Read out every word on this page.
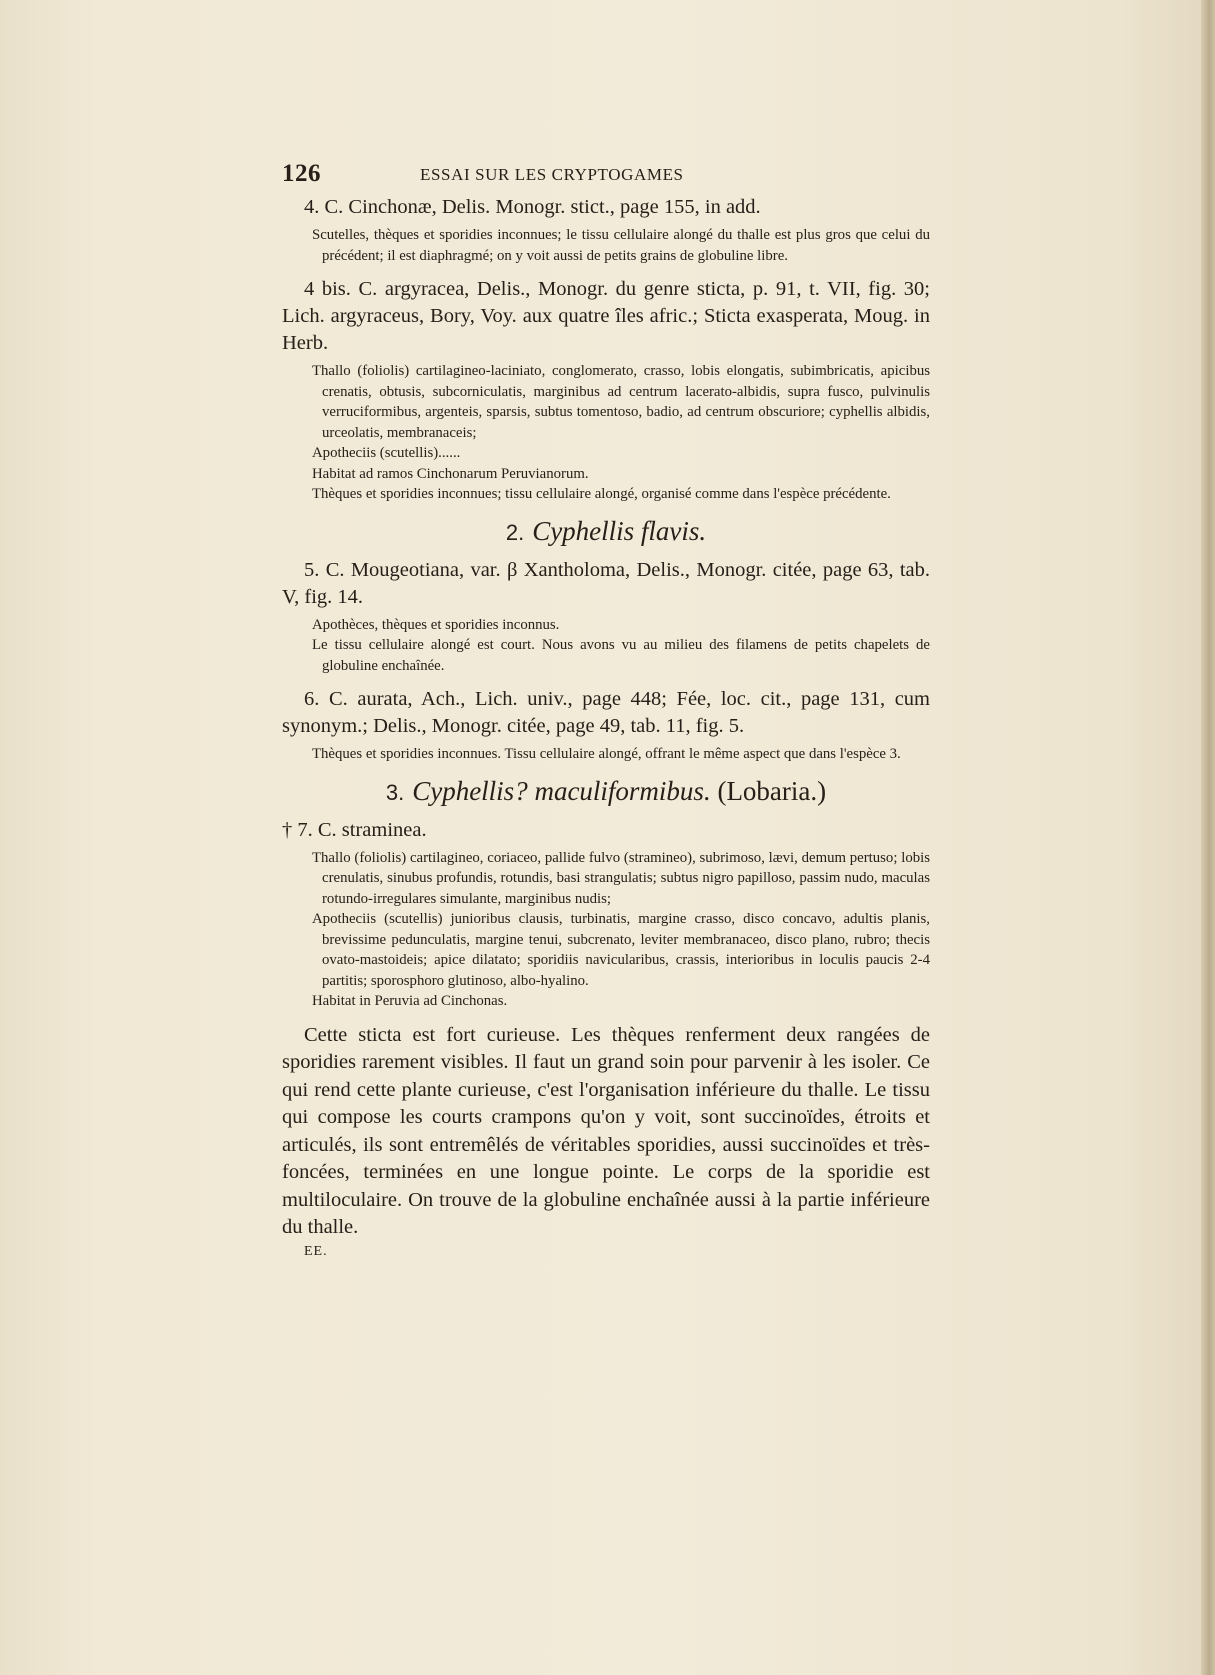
126	ESSAI SUR LES CRYPTOGAMES

4. C. Cinchonæ, Delis. Monogr. stict., page 155, in add.

Scutelles, thèques et sporidies inconnues; le tissu cellulaire alongé du thalle est plus gros que celui du précédent; il est diaphragmé; on y voit aussi de petits grains de globuline libre.

4 bis. C. argyracea, Delis., Monogr. du genre sticta, p. 91, t. VII, fig. 30; Lich. argyraceus, Bory, Voy. aux quatre îles afric.; Sticta exasperata, Moug. in Herb.

Thallo (foliolis) cartilagineo-laciniato, conglomerato, crasso, lobis elongatis, subimbricatis, apicibus crenatis, obtusis, subcorniculatis, marginibus ad centrum lacerato-albidis, supra fusco, pulvinulis verruciformibus, argenteis, sparsis, subtus tomentoso, badio, ad centrum obscuriore; cyphellis albidis, urceolatis, membranaceis;

Apotheciis (scutellis)......

Habitat ad ramos Cinchonarum Peruvianorum.

Thèques et sporidies inconnues; tissu cellulaire alongé, organisé comme dans l'espèce précédente.

2. Cyphellis flavis.

5. C. Mougeotiana, var. β Xantholoma, Delis., Monogr. citée, page 63, tab. V, fig. 14.

Apothèces, thèques et sporidies inconnus.

Le tissu cellulaire alongé est court. Nous avons vu au milieu des filamens de petits chapelets de globuline enchaînée.

6. C. aurata, Ach., Lich. univ., page 448; Fée, loc. cit., page 131, cum synonym.; Delis., Monogr. citée, page 49, tab. 11, fig. 5.

Thèques et sporidies inconnues. Tissu cellulaire alongé, offrant le même aspect que dans l'espèce 3.

3. Cyphellis? maculiformibus. (Lobaria.)

† 7. C. straminea.

Thallo (foliolis) cartilagineo, coriaceo, pallide fulvo (stramineo), subrimoso, lævi, demum pertuso; lobis crenulatis, sinubus profundis, rotundis, basi strangulatis; subtus nigro papilloso, passim nudo, maculas rotundo-irregulares simulante, marginibus nudis;

Apotheciis (scutellis) junioribus clausis, turbinatis, margine crasso, disco concavo, adultis planis, brevissime pedunculatis, margine tenui, subcrenato, leviter membranaceo, disco plano, rubro; thecis ovato-mastoideis; apice dilatato; sporidiis navicularibus, crassis, interioribus in loculis paucis 2-4 partitis; sporosphoro glutinoso, albo-hyalino.

Habitat in Peruvia ad Cinchonas.

Cette sticta est fort curieuse. Les thèques renferment deux rangées de sporidies rarement visibles. Il faut un grand soin pour parvenir à les isoler. Ce qui rend cette plante curieuse, c'est l'organisation inférieure du thalle. Le tissu qui compose les courts crampons qu'on y voit, sont succinoïdes, étroits et articulés, ils sont entremêlés de véritables sporidies, aussi succinoïdes et très-foncées, terminées en une longue pointe. Le corps de la sporidie est multiloculaire. On trouve de la globuline enchaînée aussi à la partie inférieure du thalle.

EE.
